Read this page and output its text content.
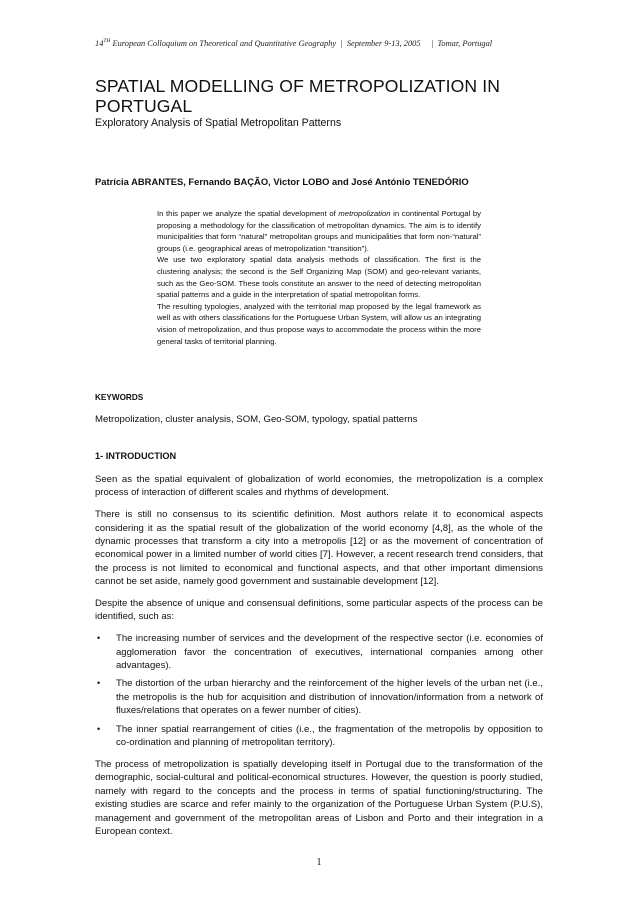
14TH European Colloquium on Theoretical and Quantitative Geography | September 9-13, 2005 | Tomar, Portugal
SPATIAL MODELLING OF METROPOLIZATION IN PORTUGAL
Exploratory Analysis of Spatial Metropolitan Patterns
Patrícia ABRANTES, Fernando BAÇÃO, Victor LOBO and José António TENEDÓRIO

In this paper we analyze the spatial development of metropolization in continental Portugal by proposing a methodology for the classification of metropolitan dynamics. The aim is to identify municipalities that form “natural” metropolitan groups and municipalities that form non-“natural” groups (i.e. geographical areas of metropolization “transition”).

We use two exploratory spatial data analysis methods of classification. The first is the clustering analysis; the second is the Self Organizing Map (SOM) and geo-relevant variants, such as the Geo-SOM. These tools constitute an answer to the need of detecting metropolitan spatial patterns and a guide in the interpretation of spatial metropolitan forms.

The resulting typologies, analyzed with the territorial map proposed by the legal framework as well as with others classifications for the Portuguese Urban System, will allow us an integrating vision of metropolization, and thus propose ways to accommodate the process within the more general tasks of territorial planning.

KEYWORDS
Metropolization, cluster analysis, SOM, Geo-SOM, typology, spatial patterns
1- INTRODUCTION

Seen as the spatial equivalent of globalization of world economies, the metropolization is a complex process of interaction of different scales and rhythms of development.

There is still no consensus to its scientific definition. Most authors relate it to economical aspects considering it as the spatial result of the globalization of the world economy [4,8], as the whole of the dynamic processes that transform a city into a metropolis [12] or as the movement of concentration of economical power in a limited number of world cities [7]. However, a recent research trend considers, that the process is not limited to economical and functional aspects, and that other important dimensions cannot be set aside, namely good government and sustainable development [12].

Despite the absence of unique and consensual definitions, some particular aspects of the process can be identified, such as:

• The increasing number of services and the development of the respective sector (i.e. economies of agglomeration favor the concentration of executives, international companies among other advantages).
• The distortion of the urban hierarchy and the reinforcement of the higher levels of the urban net (i.e., the metropolis is the hub for acquisition and distribution of innovation/information from a network of fluxes/relations that operates on a fewer number of cities).
• The inner spatial rearrangement of cities (i.e., the fragmentation of the metropolis by opposition to co-ordination and planning of metropolitan territory).

The process of metropolization is spatially developing itself in Portugal due to the transformation of the demographic, social-cultural and political-economical structures. However, the question is poorly studied, namely with regard to the concepts and the process in terms of spatial functioning/structuring. The existing studies are scarce and refer mainly to the organization of the Portuguese Urban System (P.U.S), management and government of the metropolitan areas of Lisbon and Porto and their integration in a European context.

1
